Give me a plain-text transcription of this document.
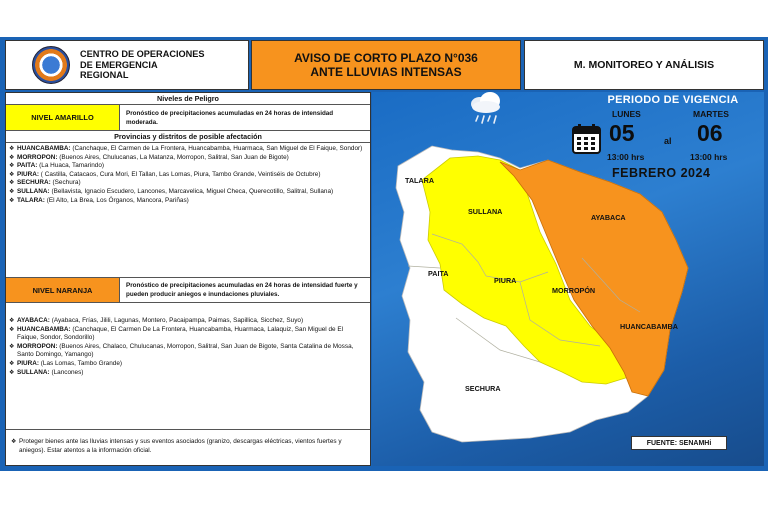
CENTRO DE OPERACIONES
DE EMERGENCIA
REGIONAL
AVISO DE CORTO PLAZO N°036
ANTE LLUVIAS INTENSAS	M. MONITOREO Y ANÁLISIS
Niveles de Peligro
NIVEL AMARILLO	Pronóstico de precipitaciones acumuladas en 24 horas de intensidad moderada.
Provincias y distritos de posible afectación
❖ HUANCABAMBA: (Canchaque, El Carmen de La Frontera, Huancabamba, Huarmaca, San Miguel de El Faique, Sondor)
❖ MORROPON: (Buenos Aires, Chulucanas, La Matanza, Morropon, Salitral, San Juan de Bigote)
❖ PAITA: (La Huaca, Tamarindo)
❖ PIURA: ( Castilla, Catacaos, Cura Mori, El Tallan, Las Lomas, Piura, Tambo Grande, Veintiséis de Octubre)
❖ SECHURA: (Sechura)
❖ SULLANA: (Bellavista, Ignacio Escudero, Lancones, Marcavelica, Miguel Checa, Querecotillo, Salitral, Sullana)
❖ TALARA: (El Alto, La Brea, Los Órganos, Mancora, Pariñas)
NIVEL NARANJA	Pronóstico de precipitaciones acumuladas en 24 horas de intensidad fuerte y pueden producir aniegos e inundaciones pluviales.
❖ AYABACA: (Ayabaca, Frías, Jilili, Lagunas, Montero, Pacaipampa, Paimas, Sapillica, Sicchez, Suyo)
❖ HUANCABAMBA: (Canchaque, El Carmen De La Frontera, Huancabamba, Huarmaca, Lalaquiz, San Miguel de El Faique, Sondor, Sondorillo)
❖ MORROPON: (Buenos Aires, Chalaco, Chulucanas, Morropon, Salitral, San Juan de Bigote, Santa Catalina de Mossa, Santo Domingo, Yamango)
❖ PIURA: (Las Lomas, Tambo Grande)
❖ SULLANA: (Lancones)
❖ Proteger bienes ante las lluvias intensas y sus eventos asociados (granizo, descargas eléctricas, vientos fuertes y aniegos). Estar atentos a la información oficial.
PERIODO DE VIGENCIA
LUNES
05
13:00 hrs
al
MARTES
06
13:00 hrs
FEBRERO 2024
TALARA
SULLANA
AYABACA
PAITA
PIURA
MORROPÓN
HUANCABAMBA
SECHURA
FUENTE: SENAMHi
